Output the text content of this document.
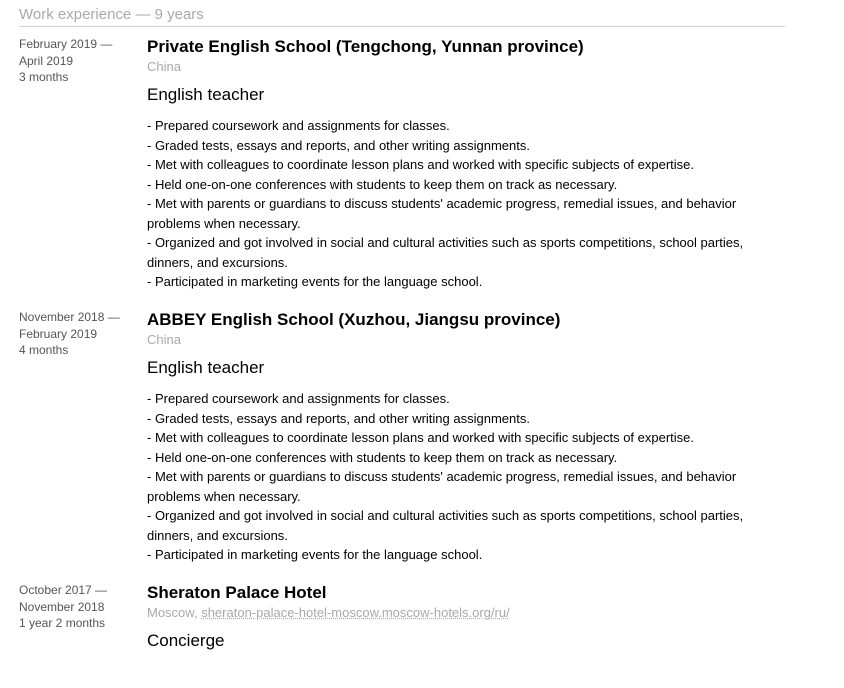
Work experience — 9 years
February 2019 —
April 2019
3 months
Private English School (Tengchong, Yunnan province)
China
English teacher
- Prepared coursework and assignments for classes.
- Graded tests, essays and reports, and other writing assignments.
- Met with colleagues to coordinate lesson plans and worked with specific subjects of expertise.
- Held one-on-one conferences with students to keep them on track as necessary.
- Met with parents or guardians to discuss students' academic progress, remedial issues, and behavior problems when necessary.
- Organized and got involved in social and cultural activities such as sports competitions, school parties, dinners, and excursions.
- Participated in marketing events for the language school.
November 2018 —
February 2019
4 months
ABBEY English School (Xuzhou, Jiangsu province)
China
English teacher
- Prepared coursework and assignments for classes.
- Graded tests, essays and reports, and other writing assignments.
- Met with colleagues to coordinate lesson plans and worked with specific subjects of expertise.
- Held one-on-one conferences with students to keep them on track as necessary.
- Met with parents or guardians to discuss students' academic progress, remedial issues, and behavior problems when necessary.
- Organized and got involved in social and cultural activities such as sports competitions, school parties, dinners, and excursions.
- Participated in marketing events for the language school.
October 2017 —
November 2018
1 year 2 months
Sheraton Palace Hotel
Moscow, sheraton-palace-hotel-moscow.moscow-hotels.org/ru/
Concierge
